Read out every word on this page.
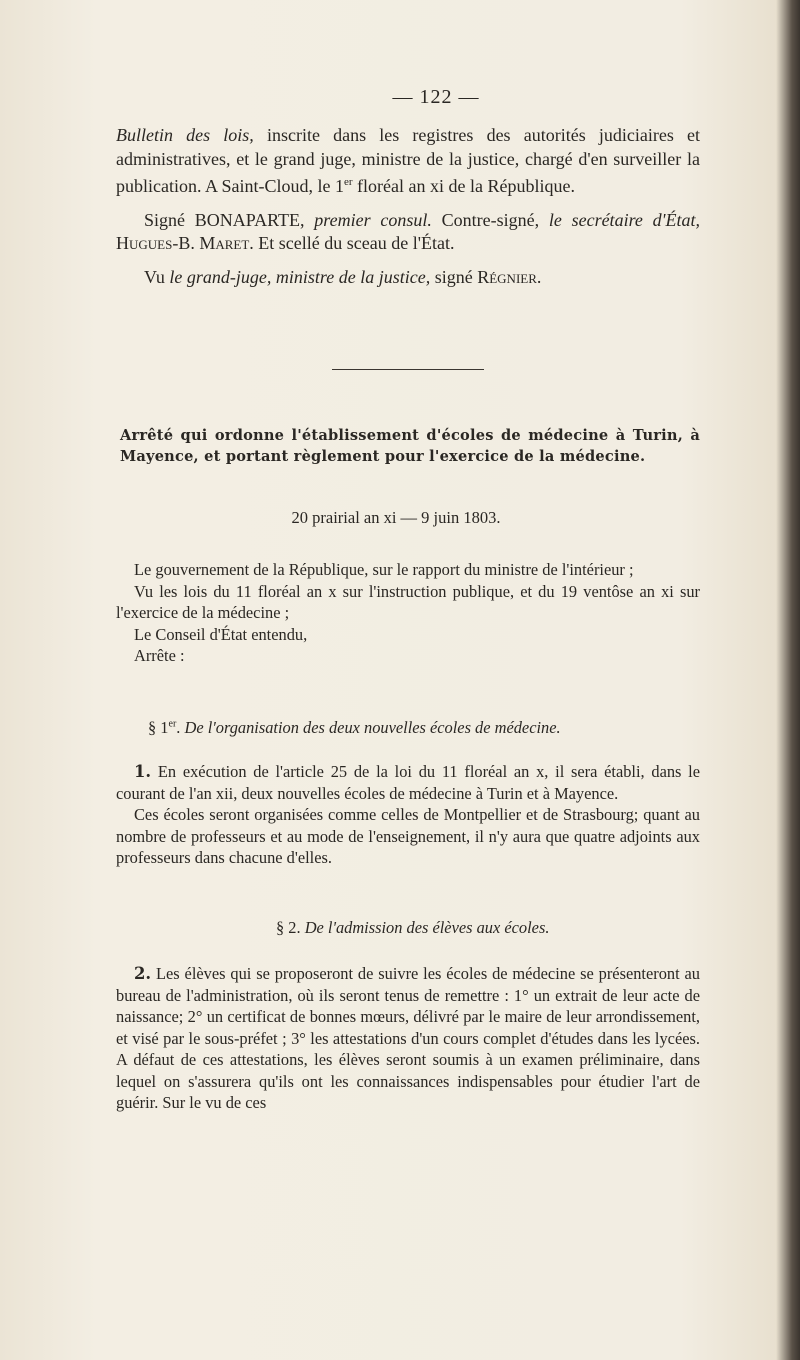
— 122 —

Bulletin des lois, inscrite dans les registres des autorités judiciaires et administratives, et le grand juge, ministre de la justice, chargé d'en surveiller la publication. A Saint-Cloud, le 1er floréal an xi de la République.

Signé BONAPARTE, premier consul. Contre-signé, le secrétaire d'État, Hugues-B. Maret. Et scellé du sceau de l'État.

Vu le grand-juge, ministre de la justice, signé Régnier.

Arrêté qui ordonne l'établissement d'écoles de médecine à Turin, à Mayence, et portant règlement pour l'exercice de la médecine.
20 prairial an xi — 9 juin 1803.

Le gouvernement de la République, sur le rapport du ministre de l'intérieur ;

Vu les lois du 11 floréal an x sur l'instruction publique, et du 19 ventôse an xi sur l'exercice de la médecine ;

Le Conseil d'État entendu,

Arrête :

§ 1er. De l'organisation des deux nouvelles écoles de médecine.

1. En exécution de l'article 25 de la loi du 11 floréal an x, il sera établi, dans le courant de l'an xii, deux nouvelles écoles de médecine à Turin et à Mayence.

Ces écoles seront organisées comme celles de Montpellier et de Strasbourg; quant au nombre de professeurs et au mode de l'enseignement, il n'y aura que quatre adjoints aux professeurs dans chacune d'elles.

§ 2. De l'admission des élèves aux écoles.

2. Les élèves qui se proposeront de suivre les écoles de médecine se présenteront au bureau de l'administration, où ils seront tenus de remettre : 1° un extrait de leur acte de naissance; 2° un certificat de bonnes mœurs, délivré par le maire de leur arrondissement, et visé par le sous-préfet ; 3° les attestations d'un cours complet d'études dans les lycées. A défaut de ces attestations, les élèves seront soumis à un examen préliminaire, dans lequel on s'assurera qu'ils ont les connaissances indispensables pour étudier l'art de guérir. Sur le vu de ces
